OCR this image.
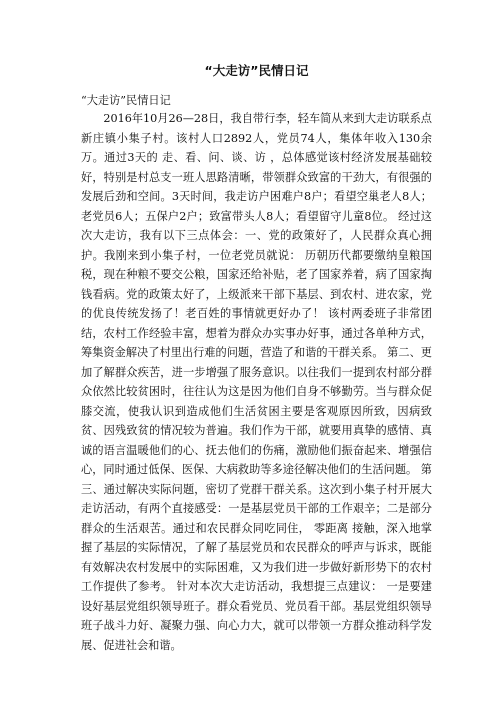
“大走访”民情日记

“大走访”民情日记

2016年10月26—28日，我自带行李，轻车简从来到大走访联系点 新庄镇小集子村。该村人口2892人，党员74人，集体年收入130余万。通过3天的 走、看、问、谈、访 ，总体感觉该村经济发展基础较好，特别是村总支一班人思路清晰，带领群众致富的干劲大，有很强的发展后劲和空间。3天时间，我走访户困难户8户；看望空巢老人8人；老党员6人；五保户2户；致富带头人8人；看望留守儿童8位。 经过这次大走访，我有以下三点体会：一、党的政策好了，人民群众真心拥护。我刚来到小集子村，一位老党员就说： 历朝历代都要缴纳皇粮国税，现在种粮不要交公粮，国家还给补贴，老了国家养着，病了国家掏钱看病。党的政策太好了，上级派来干部下基层、到农村、进农家，党的优良传统发扬了！老百姓的事情就更好办了！ 该村两委班子非常团结，农村工作经验丰富，想着为群众办实事办好事，通过各单种方式，筹集资金解决了村里出行难的问题，营造了和谐的干群关系。 第二、更加了解群众疾苦，进一步增强了服务意识。以往我们一提到农村部分群众依然比较贫困时，往往认为这是因为他们自身不够勤劳。当与群众促膝交流，使我认识到造成他们生活贫困主要是客观原因所致，因病致贫、因残致贫的情况较为普遍。我们作为干部，就要用真挚的感情、真诚的语言温暖他们的心、抚去他们的伤痛，激励他们振奋起来、增强信心，同时通过低保、医保、大病救助等多途径解决他们的生活问题。 第三、通过解决实际问题，密切了党群干群关系。这次到小集子村开展大走访活动，有两个直接感受：一是基层党员干部的工作艰辛；二是部分群众的生活艰苦。通过和农民群众同吃同住， 零距离 接触，深入地掌握了基层的实际情况，了解了基层党员和农民群众的呼声与诉求，既能有效解决农村发展中的实际困难，又为我们进一步做好新形势下的农村工作提供了参考。 针对本次大走访活动，我想提三点建议： 一是要建设好基层党组织领导班子。群众看党员、党员看干部。基层党组织领导班子战斗力好、凝聚力强、向心力大，就可以带领一方群众推动科学发展、促进社会和谐。
